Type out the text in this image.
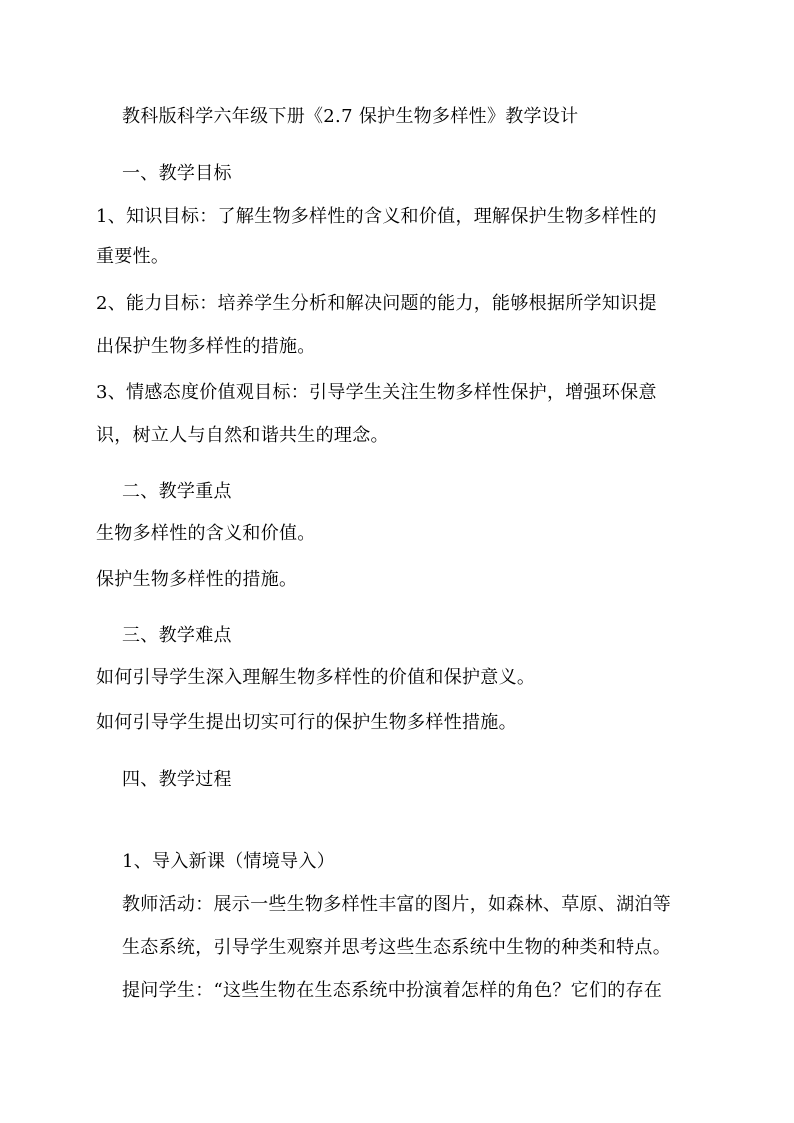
教科版科学六年级下册《2.7 保护生物多样性》教学设计
一、教学目标
1、知识目标：了解生物多样性的含义和价值，理解保护生物多样性的
重要性。
2、能力目标：培养学生分析和解决问题的能力，能够根据所学知识提
出保护生物多样性的措施。
3、情感态度价值观目标：引导学生关注生物多样性保护，增强环保意
识，树立人与自然和谐共生的理念。
二、教学重点
生物多样性的含义和价值。
保护生物多样性的措施。
三、教学难点
如何引导学生深入理解生物多样性的价值和保护意义。
如何引导学生提出切实可行的保护生物多样性措施。
四、教学过程
1、导入新课（情境导入）
教师活动：展示一些生物多样性丰富的图片，如森林、草原、湖泊等
生态系统，引导学生观察并思考这些生态系统中生物的种类和特点。
提问学生：“这些生物在生态系统中扮演着怎样的角色？它们的存在
